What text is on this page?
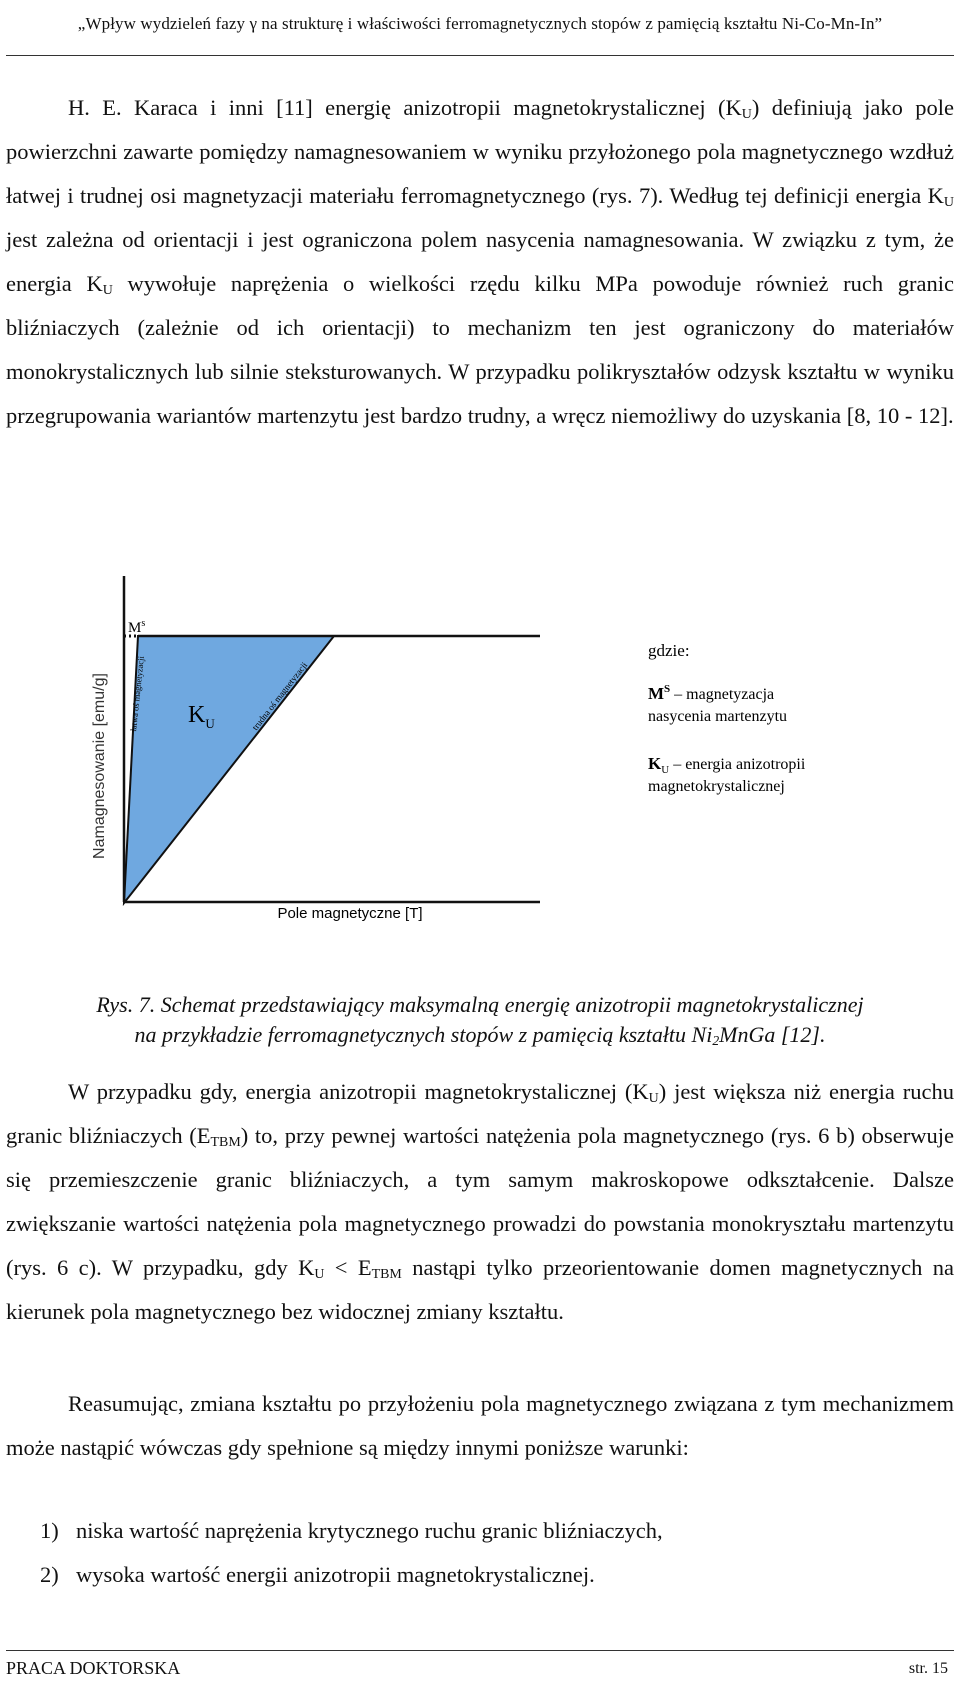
„Wpływ wydzieleń fazy γ na strukturę i właściwości ferromagnetycznych stopów z pamięcią kształtu Ni-Co-Mn-In”

H. E. Karaca i inni [11] energię anizotropii magnetokrystalicznej $(K_U)$ definiują jako pole powierzchni zawarte pomiędzy namagnesowaniem w wyniku przyłożonego pola magnetycznego wzdłuż łatwej i trudnej osi magnetyzacji materiału ferromagnetycznego (rys. 7). Według tej definicji energia $K_U$ jest zależna od orientacji i jest ograniczona polem nasycenia namagnesowania. W związku z tym, że energia $K_U$ wywołuje naprężenia o wielkości rzędu kilku MPa powoduje również ruch granic bliźniaczych (zależnie od ich orientacji) to mechanizm ten jest ograniczony do materiałów monokrystalicznych lub silnie steksturowanych. W przypadku polikryształów odzysk kształtu w wyniku przegrupowania wariantów martenzytu jest bardzo trudny, a wręcz niemożliwy do uzyskania [8, 10 - 12].

Namagnesowanie [emu/g]
$M^s$
$K_U$
łatwa oś magnetyzacji	trudna oś magnetyzacji
Pole magnetyczne [T]
gdzie:
$M^S$ – magnetyzacja
nasycenia martenzytu
$K_U$ – energia anizotropii
magnetokrystalicznej
Rys. 7. Schemat przedstawiający maksymalną energię anizotropii magnetokrystalicznej
na przykładzie ferromagnetycznych stopów z pamięcią kształtu $Ni_2MnGa$ [12].

W przypadku gdy, energia anizotropii magnetokrystalicznej $(K_U)$ jest większa niż energia ruchu granic bliźniaczych $(E_{TBM})$ to, przy pewnej wartości natężenia pola magnetycznego (rys. 6 b) obserwuje się przemieszczenie granic bliźniaczych, a tym samym makroskopowe odkształcenie. Dalsze zwiększanie wartości natężenia pola magnetycznego prowadzi do powstania monokryształu martenzytu (rys. 6 c). W przypadku, gdy $K_U < E_{TBM}$ nastąpi tylko przeorientowanie domen magnetycznych na kierunek pola magnetycznego bez widocznej zmiany kształtu.

Reasumując, zmiana kształtu po przyłożeniu pola magnetycznego związana z tym mechanizmem może nastąpić wówczas gdy spełnione są między innymi poniższe warunki:

1) niska wartość naprężenia krytycznego ruchu granic bliźniaczych,
2) wysoka wartość energii anizotropii magnetokrystalicznej.
PRACA DOKTORSKA	str. 15
